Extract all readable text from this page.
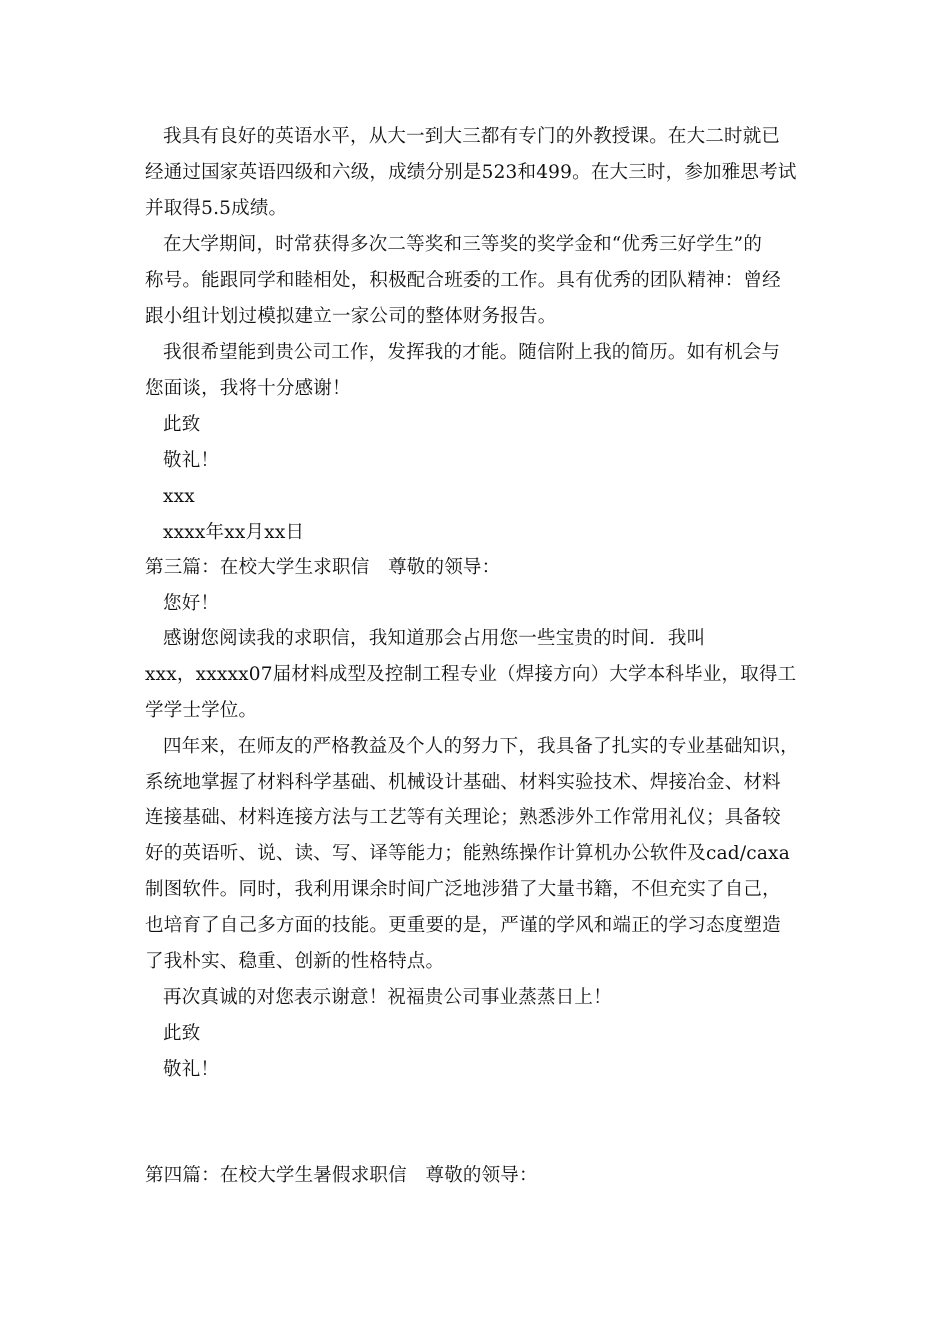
我具有良好的英语水平，从大一到大三都有专门的外教授课。在大二时就已
经通过国家英语四级和六级，成绩分别是523和499。在大三时，参加雅思考试
并取得5.5成绩。
在大学期间，时常获得多次二等奖和三等奖的奖学金和“优秀三好学生”的
称号。能跟同学和睦相处，积极配合班委的工作。具有优秀的团队精神：曾经
跟小组计划过模拟建立一家公司的整体财务报告。
我很希望能到贵公司工作，发挥我的才能。随信附上我的简历。如有机会与
您面谈，我将十分感谢！
此致
敬礼！
xxx
xxxx年xx月xx日
第三篇：在校大学生求职信　尊敬的领导：
您好！
感谢您阅读我的求职信，我知道那会占用您一些宝贵的时间．我叫
xxx，xxxxx07届材料成型及控制工程专业（焊接方向）大学本科毕业，取得工
学学士学位。
四年来，在师友的严格教益及个人的努力下，我具备了扎实的专业基础知识，
系统地掌握了材料科学基础、机械设计基础、材料实验技术、焊接冶金、材料
连接基础、材料连接方法与工艺等有关理论；熟悉涉外工作常用礼仪；具备较
好的英语听、说、读、写、译等能力；能熟练操作计算机办公软件及cad/caxa
制图软件。同时，我利用课余时间广泛地涉猎了大量书籍，不但充实了自己，
也培育了自己多方面的技能。更重要的是，严谨的学风和端正的学习态度塑造
了我朴实、稳重、创新的性格特点。
再次真诚的对您表示谢意！祝福贵公司事业蒸蒸日上！
此致
敬礼！
第四篇：在校大学生暑假求职信　尊敬的领导：
